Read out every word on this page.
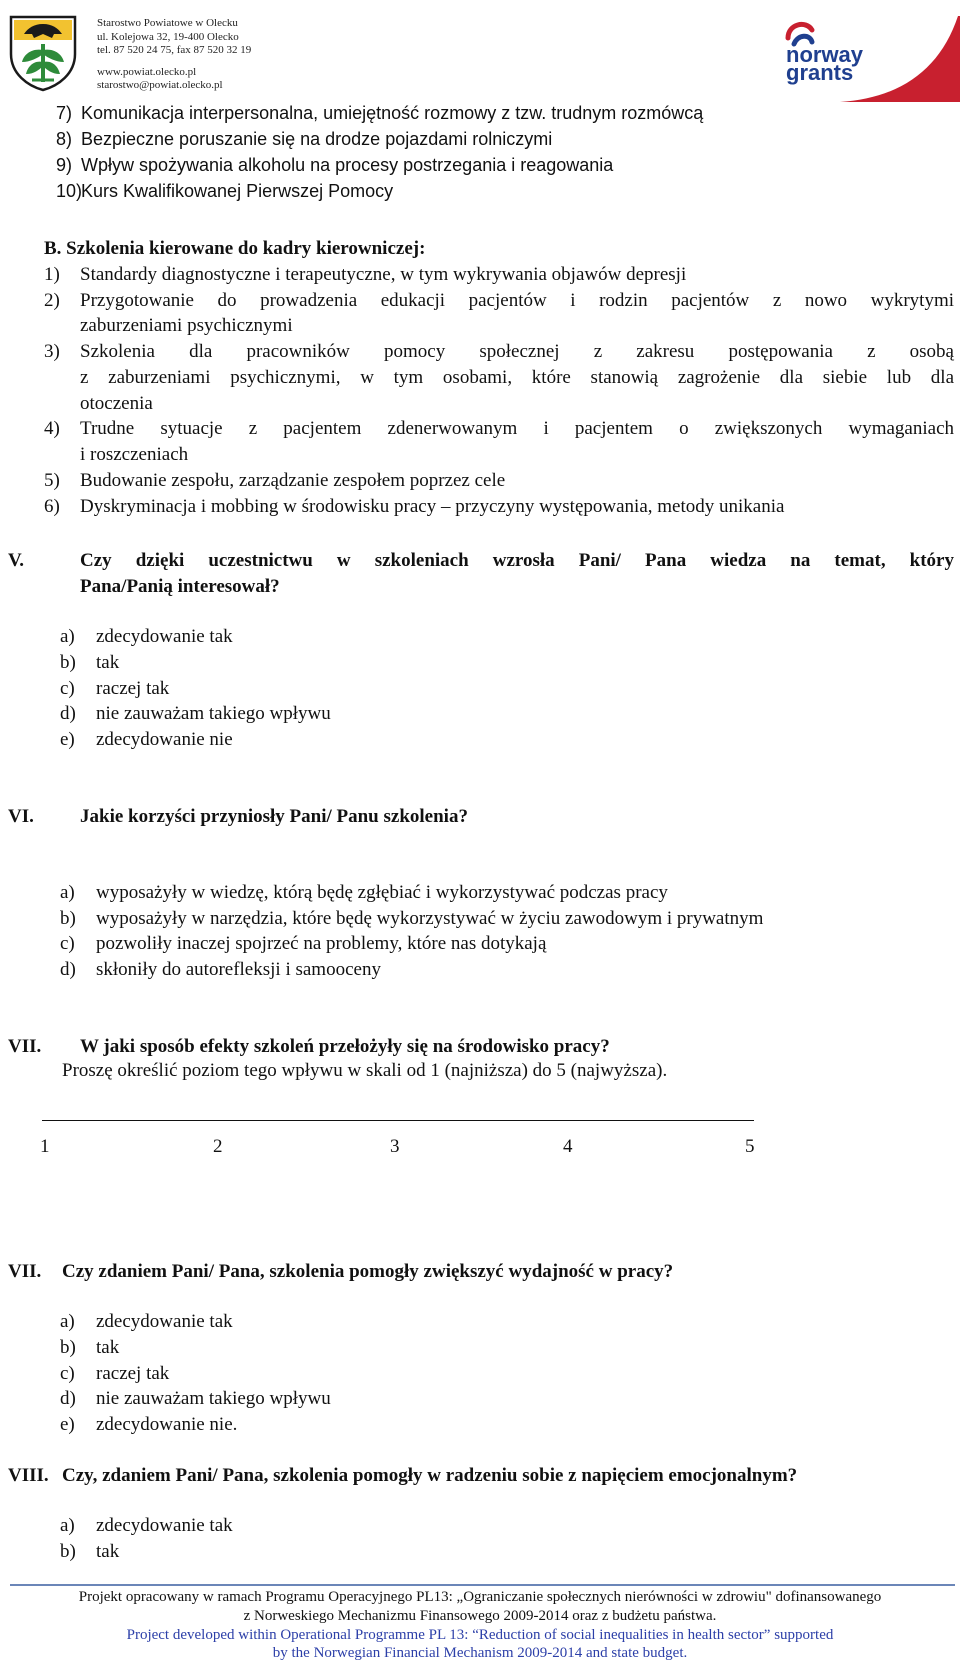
Starostwo Powiatowe w Olecku
ul. Kolejowa 32, 19-400 Olecko
tel. 87 520 24 75, fax 87 520 32 19
www.powiat.olecko.pl
starostwo@powiat.olecko.pl
norway
grants
7) Komunikacja interpersonalna, umiejętność rozmowy z tzw. trudnym rozmówcą
8) Bezpieczne poruszanie się na drodze pojazdami rolniczymi
9) Wpływ spożywania alkoholu na procesy postrzegania i reagowania
10)
Kurs Kwalifikowanej Pierwszej Pomocy
B. Szkolenia kierowane do kadry kierowniczej:
1) Standardy diagnostyczne i terapeutyczne, w tym wykrywania objawów depresji
2) Przygotowanie do prowadzenia edukacji pacjentów i rodzin pacjentów z nowo wykrytymi
zaburzeniami psychicznymi
3) Szkolenia dla pracowników pomocy społecznej z zakresu postępowania z osobą
z zaburzeniami psychicznymi, w tym osobami, które stanowią zagrożenie dla siebie lub dla
otoczenia
4) Trudne sytuacje z pacjentem zdenerwowanym i pacjentem o zwiększonych wymaganiach
i roszczeniach
5) Budowanie zespołu, zarządzanie zespołem poprzez cele
6) Dyskryminacja i mobbing w środowisku pracy – przyczyny występowania, metody unikania
V.	Czy dzięki uczestnictwu w szkoleniach wzrosła Pani/ Pana wiedza na temat, który
Pana/Panią interesował?
a) zdecydowanie tak
b) tak
c) raczej tak
d) nie zauważam takiego wpływu
e) zdecydowanie nie
VI. Jakie korzyści przyniosły Pani/ Panu szkolenia?
a) wyposażyły w wiedzę, którą będę zgłębiać i wykorzystywać podczas pracy
b) wyposażyły w narzędzia, które będę wykorzystywać w życiu zawodowym i prywatnym
c) pozwoliły inaczej spojrzeć na problemy, które nas dotykają
d) skłoniły do autorefleksji i samooceny
VII. W jaki sposób efekty szkoleń przełożyły się na środowisko pracy?
Proszę określić poziom tego wpływu w skali od 1 (najniższa) do 5 (najwyższa).
1	2	3	4	5
VII. Czy zdaniem Pani/ Pana, szkolenia pomogły zwiększyć wydajność w pracy?
a) zdecydowanie tak
b) tak
c) raczej tak
d) nie zauważam takiego wpływu
e) zdecydowanie nie.
VIII. Czy, zdaniem Pani/ Pana, szkolenia pomogły w radzeniu sobie z napięciem emocjonalnym?
a) zdecydowanie tak
b) tak
Projekt opracowany w ramach Programu Operacyjnego PL13: „Ograniczanie społecznych nierówności w zdrowiu" dofinansowanego
z Norweskiego Mechanizmu Finansowego 2009-2014 oraz z budżetu państwa.
Project developed within Operational Programme PL 13: “Reduction of social inequalities in health sector” supported
by the Norwegian Financial Mechanism 2009-2014 and state budget.
